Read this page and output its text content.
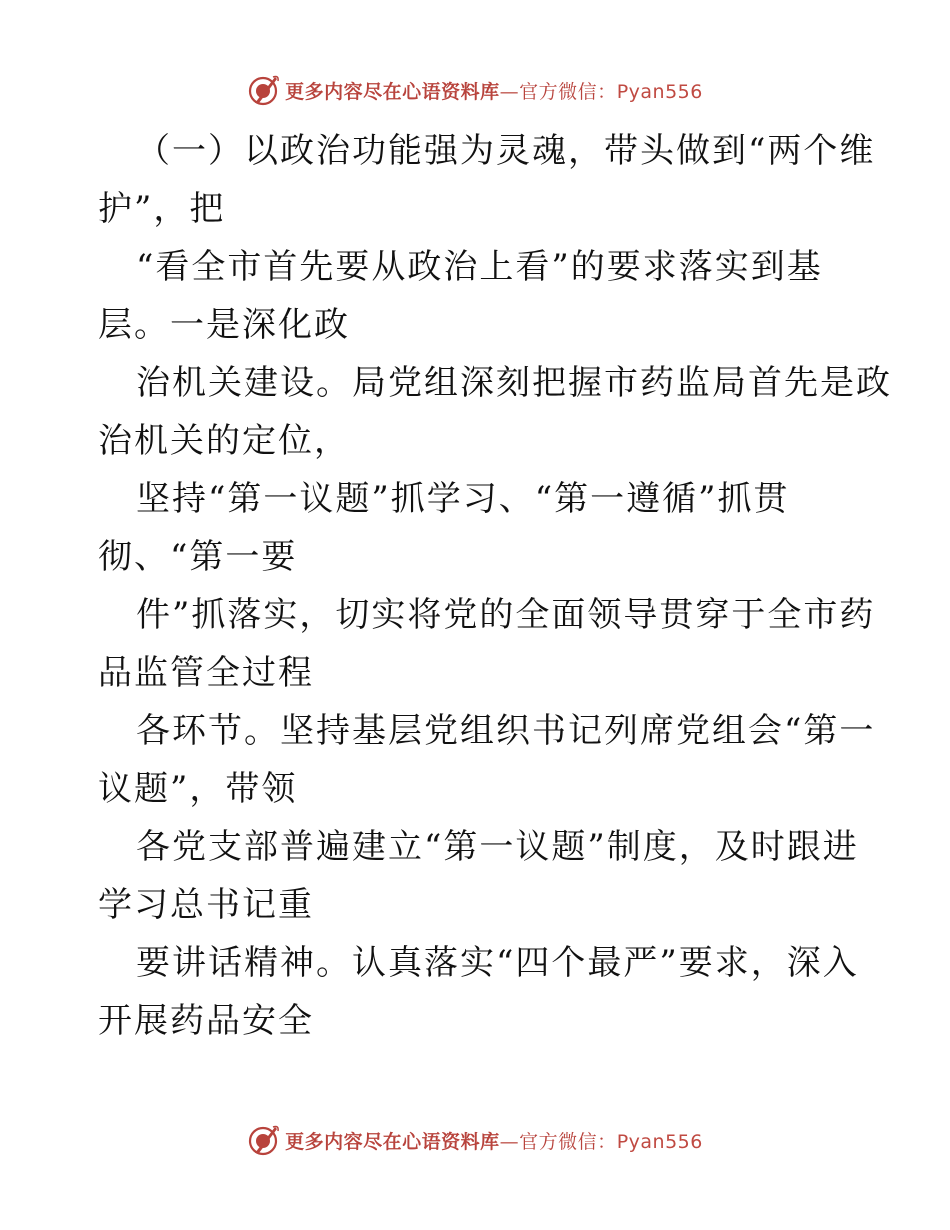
更多内容尽在心语资料库—官方微信：Pyan556
（一）以政治功能强为灵魂，带头做到“两个维
护”，把
“看全市首先要从政治上看”的要求落实到基
层。一是深化政
治机关建设。局党组深刻把握市药监局首先是政
治机关的定位，
坚持“第一议题”抓学习、“第一遵循”抓贯
彻、“第一要
件”抓落实，切实将党的全面领导贯穿于全市药
品监管全过程
各环节。坚持基层党组织书记列席党组会“第一
议题”，带领
各党支部普遍建立“第一议题”制度，及时跟进
学习总书记重
要讲话精神。认真落实“四个最严”要求，深入
开展药品安全
更多内容尽在心语资料库—官方微信：Pyan556
